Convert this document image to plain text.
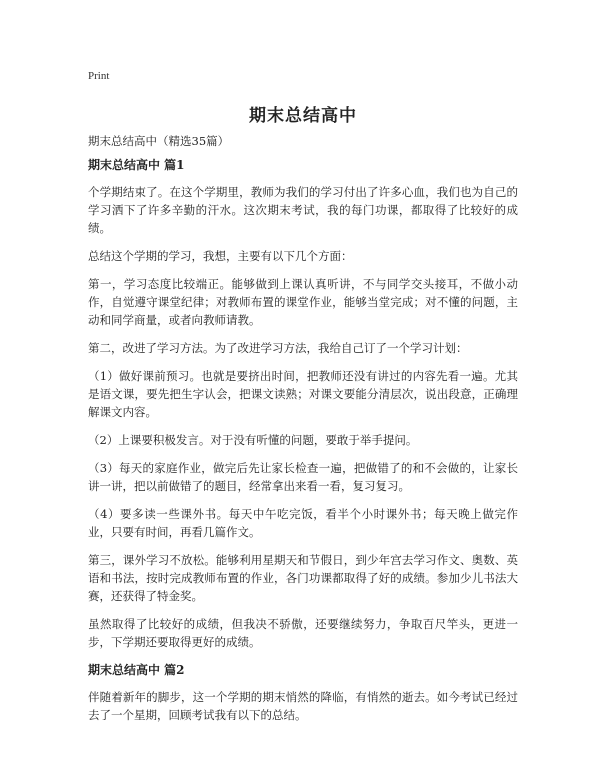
Print
期末总结高中
期末总结高中（精选35篇）
期末总结高中 篇1

个学期结束了。在这个学期里，教师为我们的学习付出了许多心血，我们也为自己的学习洒下了许多辛勤的汗水。这次期末考试，我的每门功课，都取得了比较好的成绩。

总结这个学期的学习，我想，主要有以下几个方面：

第一，学习态度比较端正。能够做到上课认真听讲，不与同学交头接耳，不做小动作，自觉遵守课堂纪律；对教师布置的课堂作业，能够当堂完成；对不懂的问题，主动和同学商量，或者向教师请教。

第二，改进了学习方法。为了改进学习方法，我给自己订了一个学习计划：

（1）做好课前预习。也就是要挤出时间，把教师还没有讲过的内容先看一遍。尤其是语文课，要先把生字认会，把课文读熟；对课文要能分清层次，说出段意，正确理解课文内容。

（2）上课要积极发言。对于没有听懂的问题，要敢于举手提问。

（3）每天的家庭作业，做完后先让家长检查一遍，把做错了的和不会做的，让家长讲一讲，把以前做错了的题目，经常拿出来看一看，复习复习。

（4）要多读一些课外书。每天中午吃完饭，看半个小时课外书；每天晚上做完作业，只要有时间，再看几篇作文。

第三，课外学习不放松。能够利用星期天和节假日，到少年宫去学习作文、奥数、英语和书法，按时完成教师布置的作业，各门功课都取得了好的成绩。参加少儿书法大赛，还获得了特金奖。

虽然取得了比较好的成绩，但我决不骄傲，还要继续努力，争取百尺竿头，更进一步，下学期还要取得更好的成绩。

期末总结高中 篇2

伴随着新年的脚步，这一个学期的期末悄然的降临，有悄然的逝去。如今考试已经过去了一个星期，回顾考试我有以下的总结。
